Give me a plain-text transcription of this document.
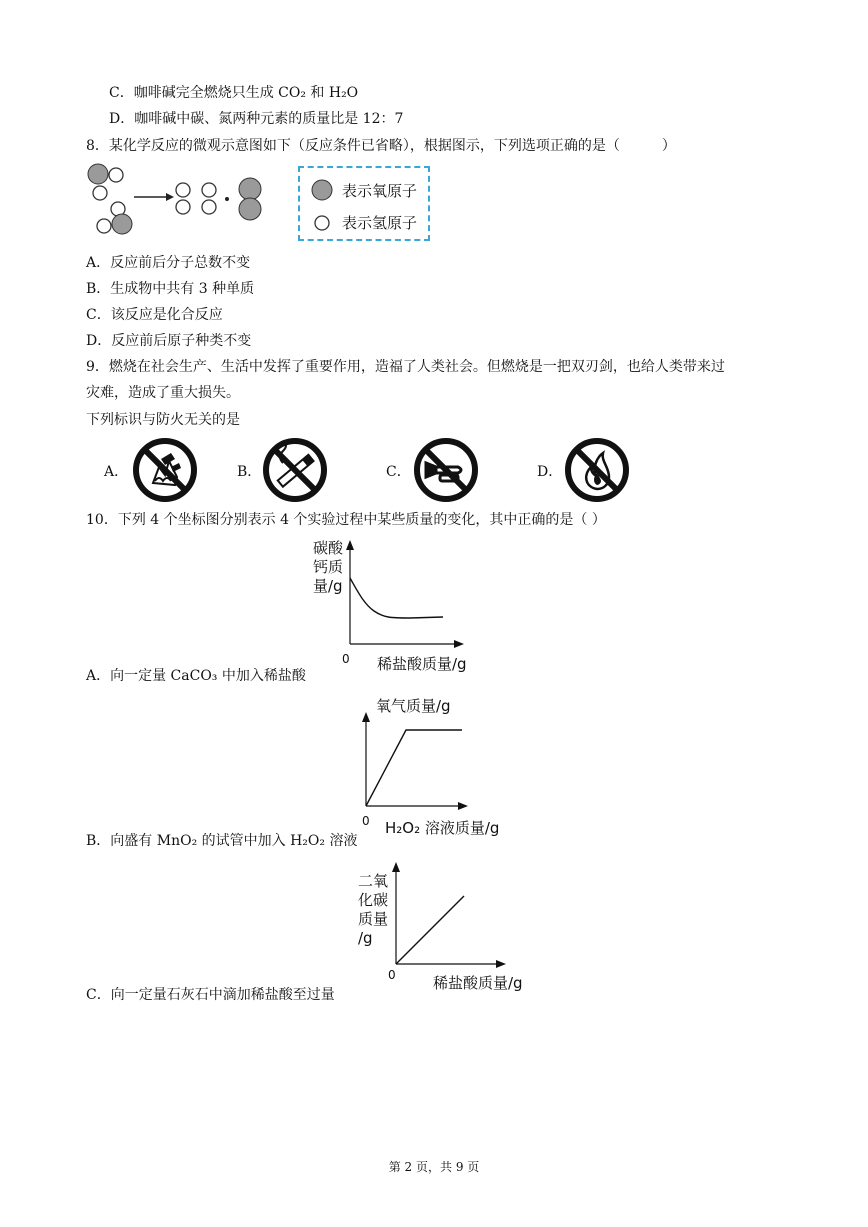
C．咖啡碱完全燃烧只生成 CO₂ 和 H₂O
D．咖啡碱中碳、氮两种元素的质量比是 12：7
8．某化学反应的微观示意图如下（反应条件已省略），根据图示，下列选项正确的是（　　　）
表示氧原子
表示氢原子
A．反应前后分子总数不变
B．生成物中共有 3 种单质
C．该反应是化合反应
D．反应前后原子种类不变
9．燃烧在社会生产、生活中发挥了重要作用，造福了人类社会。但燃烧是一把双刃剑，也给人类带来过
灾难，造成了重大损失。
下列标识与防火无关的是
A．	B．	C．	D．
10．下列 4 个坐标图分别表示 4 个实验过程中某些质量的变化，其中正确的是（ ）
碳酸
钙质
量/g
0 稀盐酸质量/g
A．向一定量 CaCO₃ 中加入稀盐酸
氧气质量/g
0 H₂O₂ 溶液质量/g
B．向盛有 MnO₂ 的试管中加入 H₂O₂ 溶液
二氧
化碳
质量
/g
0 稀盐酸质量/g
C．向一定量石灰石中滴加稀盐酸至过量
第 2 页，共 9 页
